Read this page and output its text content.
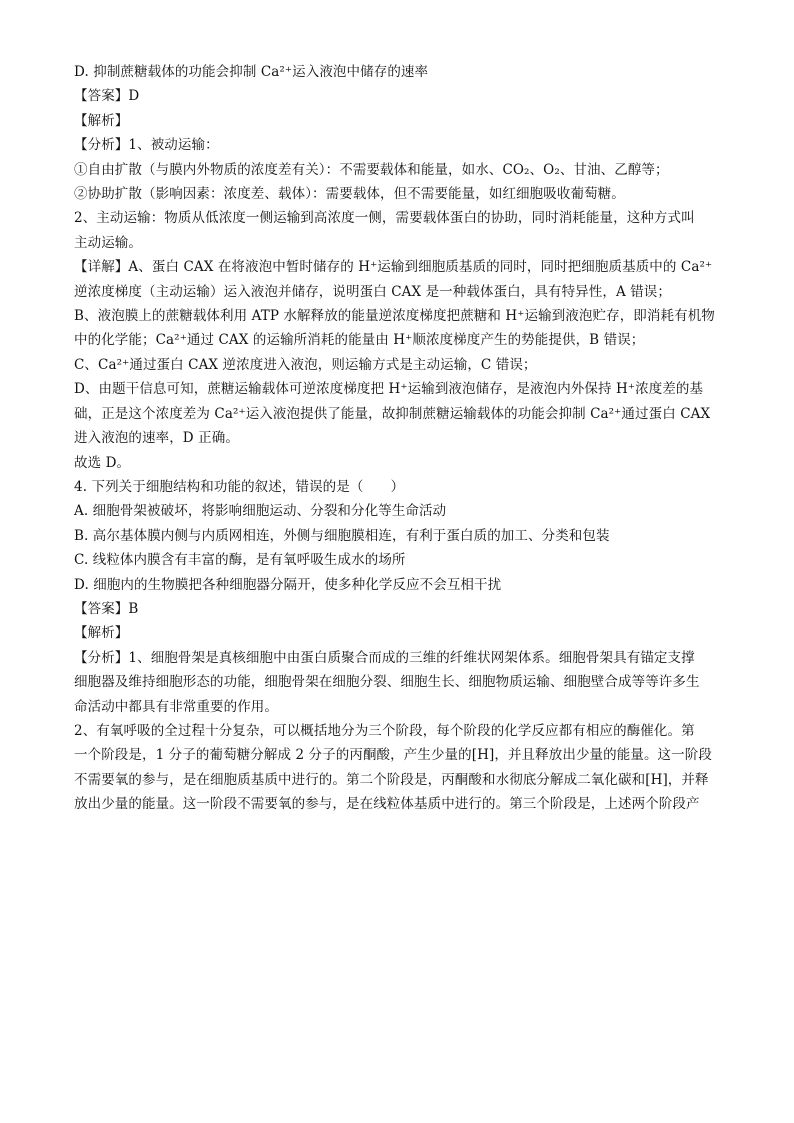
D. 抑制蔗糖载体的功能会抑制 Ca²⁺运入液泡中储存的速率
【答案】D
【解析】
【分析】1、被动运输：
①自由扩散（与膜内外物质的浓度差有关）：不需要载体和能量，如水、CO₂、O₂、甘油、乙醇等；
②协助扩散（影响因素：浓度差、载体）：需要载体，但不需要能量，如红细胞吸收葡萄糖。
2、主动运输：物质从低浓度一侧运输到高浓度一侧，需要载体蛋白的协助，同时消耗能量，这种方式叫
主动运输。
【详解】A、蛋白 CAX 在将液泡中暂时储存的 H⁺运输到细胞质基质的同时，同时把细胞质基质中的 Ca²⁺
逆浓度梯度（主动运输）运入液泡并储存，说明蛋白 CAX 是一种载体蛋白，具有特异性，A 错误；
B、液泡膜上的蔗糖载体利用 ATP 水解释放的能量逆浓度梯度把蔗糖和 H⁺运输到液泡贮存，即消耗有机物
中的化学能；Ca²⁺通过 CAX 的运输所消耗的能量由 H⁺顺浓度梯度产生的势能提供，B 错误；
C、Ca²⁺通过蛋白 CAX 逆浓度进入液泡，则运输方式是主动运输，C 错误；
D、由题干信息可知，蔗糖运输载体可逆浓度梯度把 H⁺运输到液泡储存，是液泡内外保持 H⁺浓度差的基
础，正是这个浓度差为 Ca²⁺运入液泡提供了能量，故抑制蔗糖运输载体的功能会抑制 Ca²⁺通过蛋白 CAX
进入液泡的速率，D 正确。
故选 D。
4. 下列关于细胞结构和功能的叙述，错误的是（　　）
A. 细胞骨架被破坏，将影响细胞运动、分裂和分化等生命活动
B. 高尔基体膜内侧与内质网相连，外侧与细胞膜相连，有利于蛋白质的加工、分类和包装
C. 线粒体内膜含有丰富的酶，是有氧呼吸生成水的场所
D. 细胞内的生物膜把各种细胞器分隔开，使多种化学反应不会互相干扰
【答案】B
【解析】
【分析】1、细胞骨架是真核细胞中由蛋白质聚合而成的三维的纤维状网架体系。细胞骨架具有锚定支撑
细胞器及维持细胞形态的功能，细胞骨架在细胞分裂、细胞生长、细胞物质运输、细胞壁合成等等许多生
命活动中都具有非常重要的作用。
2、有氧呼吸的全过程十分复杂，可以概括地分为三个阶段，每个阶段的化学反应都有相应的酶催化。第
一个阶段是，1 分子的葡萄糖分解成 2 分子的丙酮酸，产生少量的[H]，并且释放出少量的能量。这一阶段
不需要氧的参与，是在细胞质基质中进行的。第二个阶段是，丙酮酸和水彻底分解成二氧化碳和[H]，并释
放出少量的能量。这一阶段不需要氧的参与，是在线粒体基质中进行的。第三个阶段是，上述两个阶段产
